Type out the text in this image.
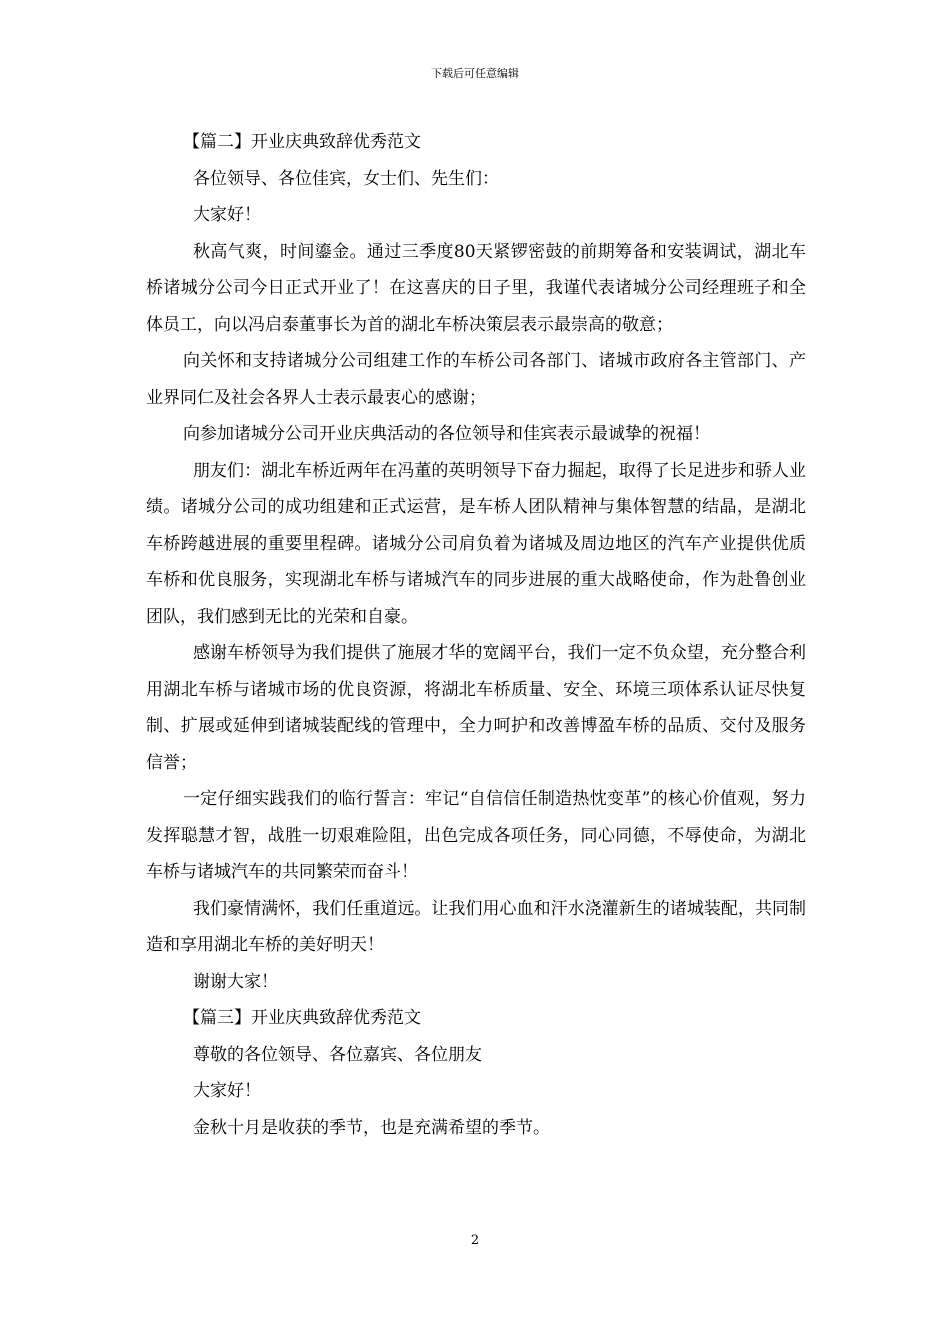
下载后可任意编辑

【篇二】开业庆典致辞优秀范文

各位领导、各位佳宾，女士们、先生们：

大家好！

秋高气爽，时间鎏金。通过三季度80天紧锣密鼓的前期筹备和安装调试，湖北车桥诸城分公司今日正式开业了！在这喜庆的日子里，我谨代表诸城分公司经理班子和全体员工，向以冯启泰董事长为首的湖北车桥决策层表示最崇高的敬意；

向关怀和支持诸城分公司组建工作的车桥公司各部门、诸城市政府各主管部门、产业界同仁及社会各界人士表示最衷心的感谢；

向参加诸城分公司开业庆典活动的各位领导和佳宾表示最诚挚的祝福！

朋友们：湖北车桥近两年在冯董的英明领导下奋力掘起，取得了长足进步和骄人业绩。诸城分公司的成功组建和正式运营，是车桥人团队精神与集体智慧的结晶，是湖北车桥跨越进展的重要里程碑。诸城分公司肩负着为诸城及周边地区的汽车产业提供优质车桥和优良服务，实现湖北车桥与诸城汽车的同步进展的重大战略使命，作为赴鲁创业团队，我们感到无比的光荣和自豪。

感谢车桥领导为我们提供了施展才华的宽阔平台，我们一定不负众望，充分整合利用湖北车桥与诸城市场的优良资源，将湖北车桥质量、安全、环境三项体系认证尽快复制、扩展或延伸到诸城装配线的管理中，全力呵护和改善博盈车桥的品质、交付及服务信誉；

一定仔细实践我们的临行誓言：牢记“自信信任制造热忱变革”的核心价值观，努力发挥聪慧才智，战胜一切艰难险阻，出色完成各项任务，同心同德，不辱使命，为湖北车桥与诸城汽车的共同繁荣而奋斗！

我们豪情满怀，我们任重道远。让我们用心血和汗水浇灌新生的诸城装配，共同制造和享用湖北车桥的美好明天！

谢谢大家！

【篇三】开业庆典致辞优秀范文

尊敬的各位领导、各位嘉宾、各位朋友

大家好！

金秋十月是收获的季节，也是充满希望的季节。

2
